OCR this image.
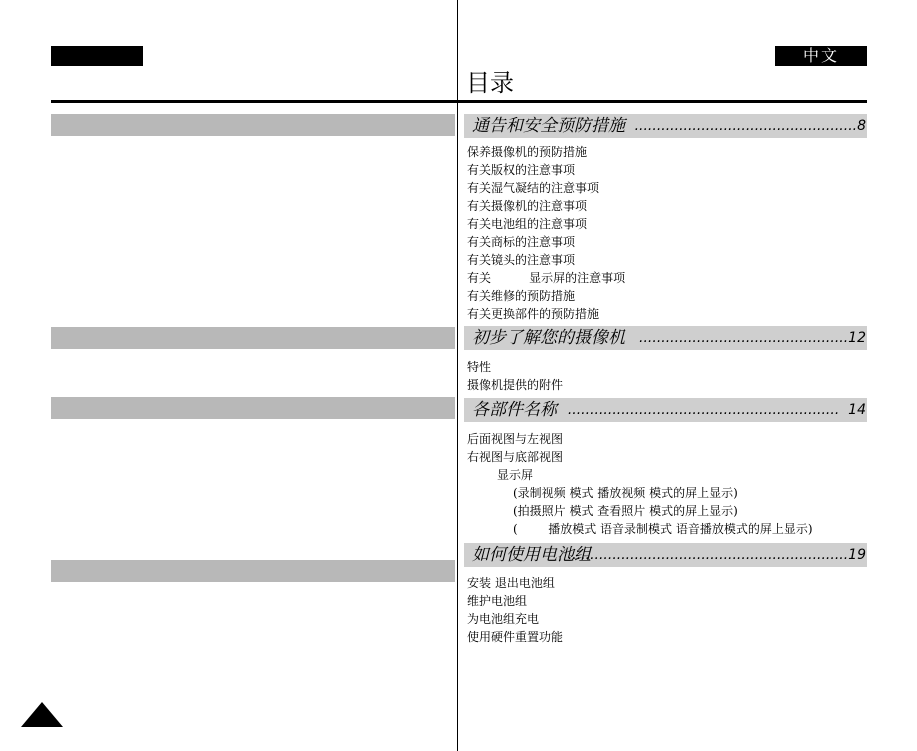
中文
目录
通告和安全预防措施 ..................................................8
保养摄像机的预防措施
有关版权的注意事项
有关湿气凝结的注意事项
有关摄像机的注意事项
有关电池组的注意事项
有关商标的注意事项
有关镜头的注意事项
有关          显示屏的注意事项
有关维修的预防措施
有关更换部件的预防措施
初步了解您的摄像机 ...............................................12
特性
摄像机提供的附件
各部件名称 .............................................................  14
后面视图与左视图
右视图与底部视图
显示屏
(录制视频 模式 播放视频 模式的屏上显示)
(拍摄照片 模式 查看照片 模式的屏上显示)
(        播放模式 语音录制模式 语音播放模式的屏上显示)
如何使用电池组
...............................................................19
安装 退出电池组
维护电池组
为电池组充电
使用硬件重置功能
